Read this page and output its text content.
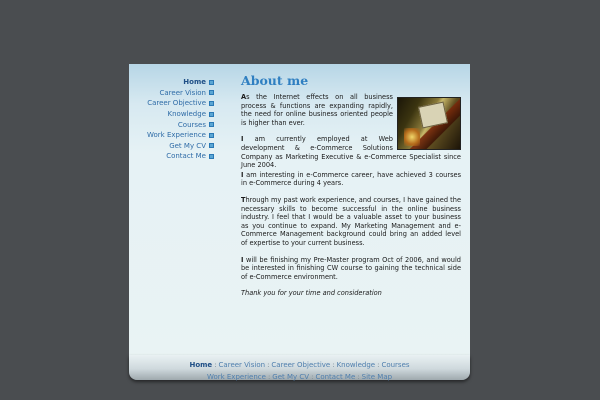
Home
Career Vision
Career Objective
Knowledge
Courses
Work Experience
Get My CV
Contact Me
About me

As the Internet effects on all business process & functions are expanding rapidly, the need for online business oriented people is higher than ever.

I am currently employed at Web development & e-Commerce Solutions Company as Marketing Executive & e-Commerce Specialist since June 2004.

I am interesting in e-Commerce career, have achieved 3 courses in e-Commerce during 4 years.

Through my past work experience, and courses, I have gained the necessary skills to become successful in the online business industry. I feel that I would be a valuable asset to your business as you continue to expand. My Marketing Management and e-Commerce Management background could bring an added level of expertise to your current business.

I will be finishing my Pre-Master program Oct of 2006, and would be interested in finishing CW course to gaining the technical side of e-Commerce environment.

Thank you for your time and consideration

Home : Career Vision : Career Objective : Knowledge : Courses
Work Experience : Get My CV : Contact Me : Site Map
